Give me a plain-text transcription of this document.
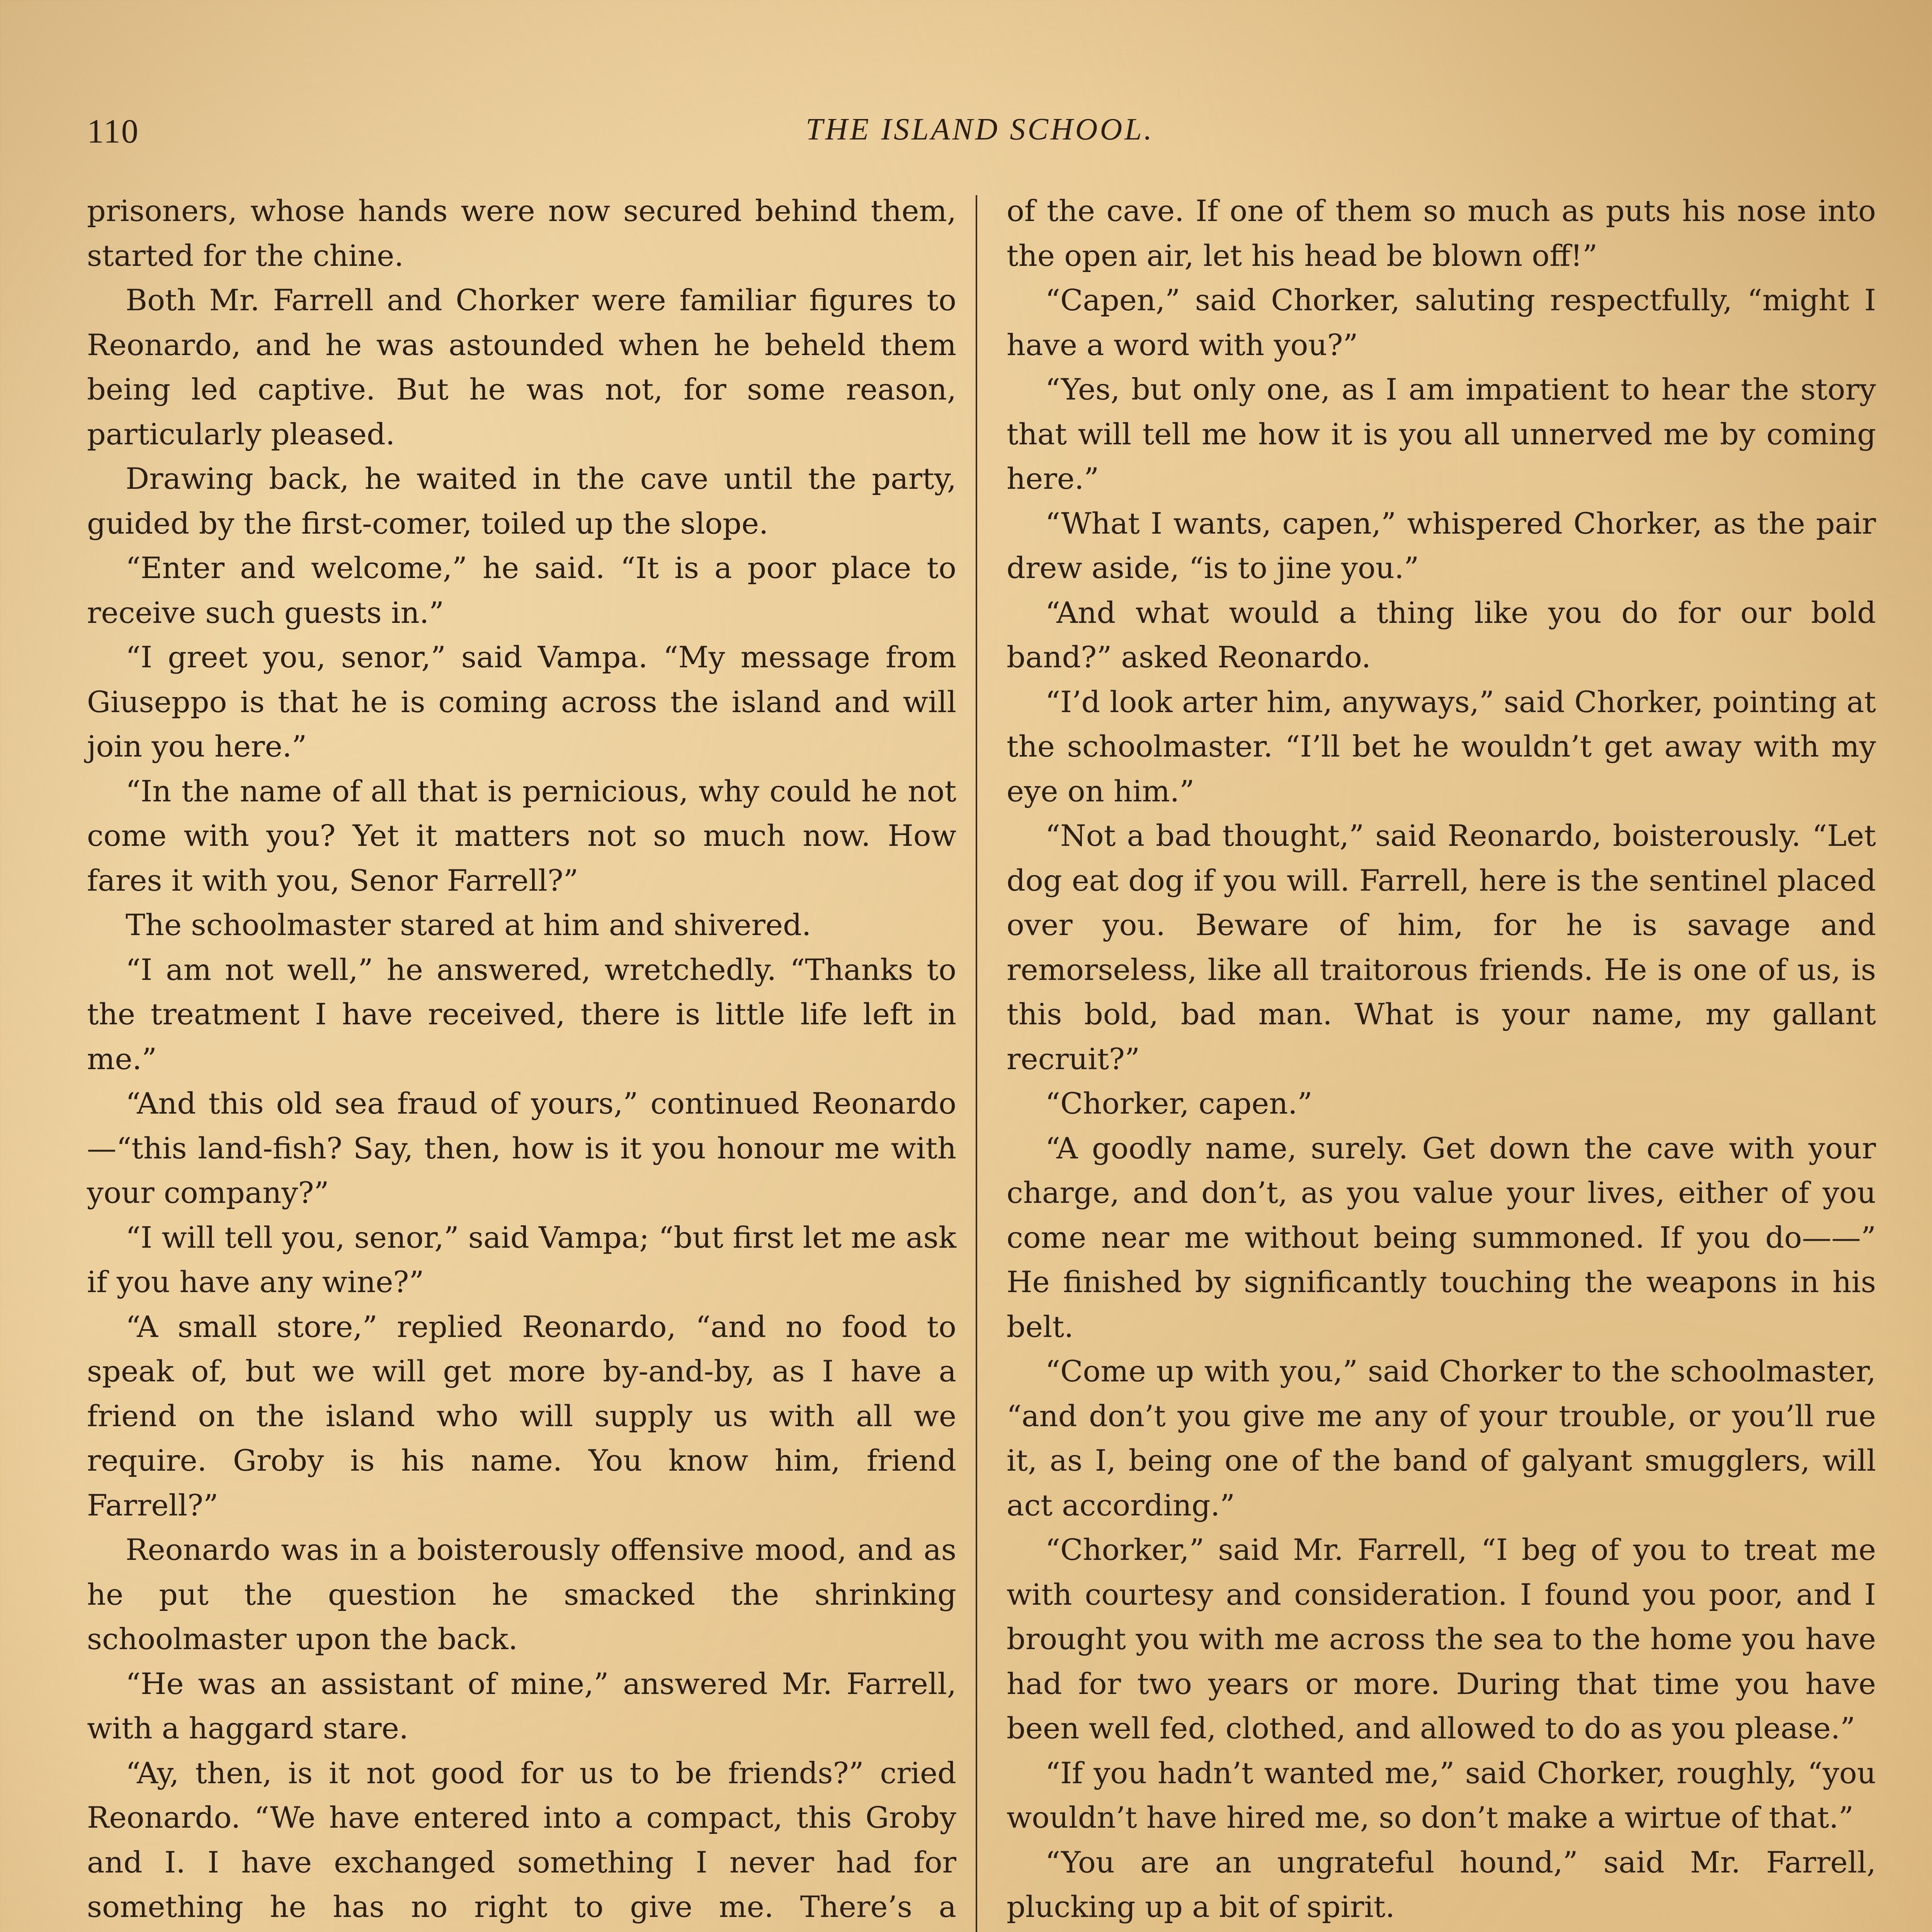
110	THE ISLAND SCHOOL.

prisoners, whose hands were now secured behind them, started for the chine.

Both Mr. Farrell and Chorker were familiar figures to Reonardo, and he was astounded when he beheld them being led captive. But he was not, for some reason, particularly pleased.

Drawing back, he waited in the cave until the party, guided by the first-comer, toiled up the slope.

“Enter and welcome,” he said. “It is a poor place to receive such guests in.”

“I greet you, senor,” said Vampa. “My message from Giuseppo is that he is coming across the island and will join you here.”

“In the name of all that is pernicious, why could he not come with you? Yet it matters not so much now. How fares it with you, Senor Farrell?”

The schoolmaster stared at him and shivered.

“I am not well,” he answered, wretchedly. “Thanks to the treatment I have received, there is little life left in me.”

“And this old sea fraud of yours,” continued Reonardo—“this land-fish? Say, then, how is it you honour me with your company?”

“I will tell you, senor,” said Vampa; “but first let me ask if you have any wine?”

“A small store,” replied Reonardo, “and no food to speak of, but we will get more by-and-by, as I have a friend on the island who will supply us with all we require. Groby is his name. You know him, friend Farrell?”

Reonardo was in a boisterously offensive mood, and as he put the question he smacked the shrinking schoolmaster upon the back.

“He was an assistant of mine,” answered Mr. Farrell, with a haggard stare.

“Ay, then, is it not good for us to be friends?” cried Reonardo. “We have entered into a compact, this Groby and I. I have exchanged something I never had for something he has no right to give me. There’s a

of the cave. If one of them so much as puts his nose into the open air, let his head be blown off!”

“Capen,” said Chorker, saluting respectfully, “might I have a word with you?”

“Yes, but only one, as I am impatient to hear the story that will tell me how it is you all unnerved me by coming here.”

“What I wants, capen,” whispered Chorker, as the pair drew aside, “is to jine you.”

“And what would a thing like you do for our bold band?” asked Reonardo.

“I’d look arter him, anyways,” said Chorker, pointing at the schoolmaster. “I’ll bet he wouldn’t get away with my eye on him.”

“Not a bad thought,” said Reonardo, boisterously. “Let dog eat dog if you will. Farrell, here is the sentinel placed over you. Beware of him, for he is savage and remorseless, like all traitorous friends. He is one of us, is this bold, bad man. What is your name, my gallant recruit?”

“Chorker, capen.”

“A goodly name, surely. Get down the cave with your charge, and don’t, as you value your lives, either of you come near me without being summoned. If you do——” He finished by significantly touching the weapons in his belt.

“Come up with you,” said Chorker to the schoolmaster, “and don’t you give me any of your trouble, or you’ll rue it, as I, being one of the band of galyant smugglers, will act according.”

“Chorker,” said Mr. Farrell, “I beg of you to treat me with courtesy and consideration. I found you poor, and I brought you with me across the sea to the home you have had for two years or more. During that time you have been well fed, clothed, and allowed to do as you please.”

“If you hadn’t wanted me,” said Chorker, roughly, “you wouldn’t have hired me, so don’t make a wirtue of that.”

“You are an ungrateful hound,” said Mr. Farrell, plucking up a bit of spirit.
